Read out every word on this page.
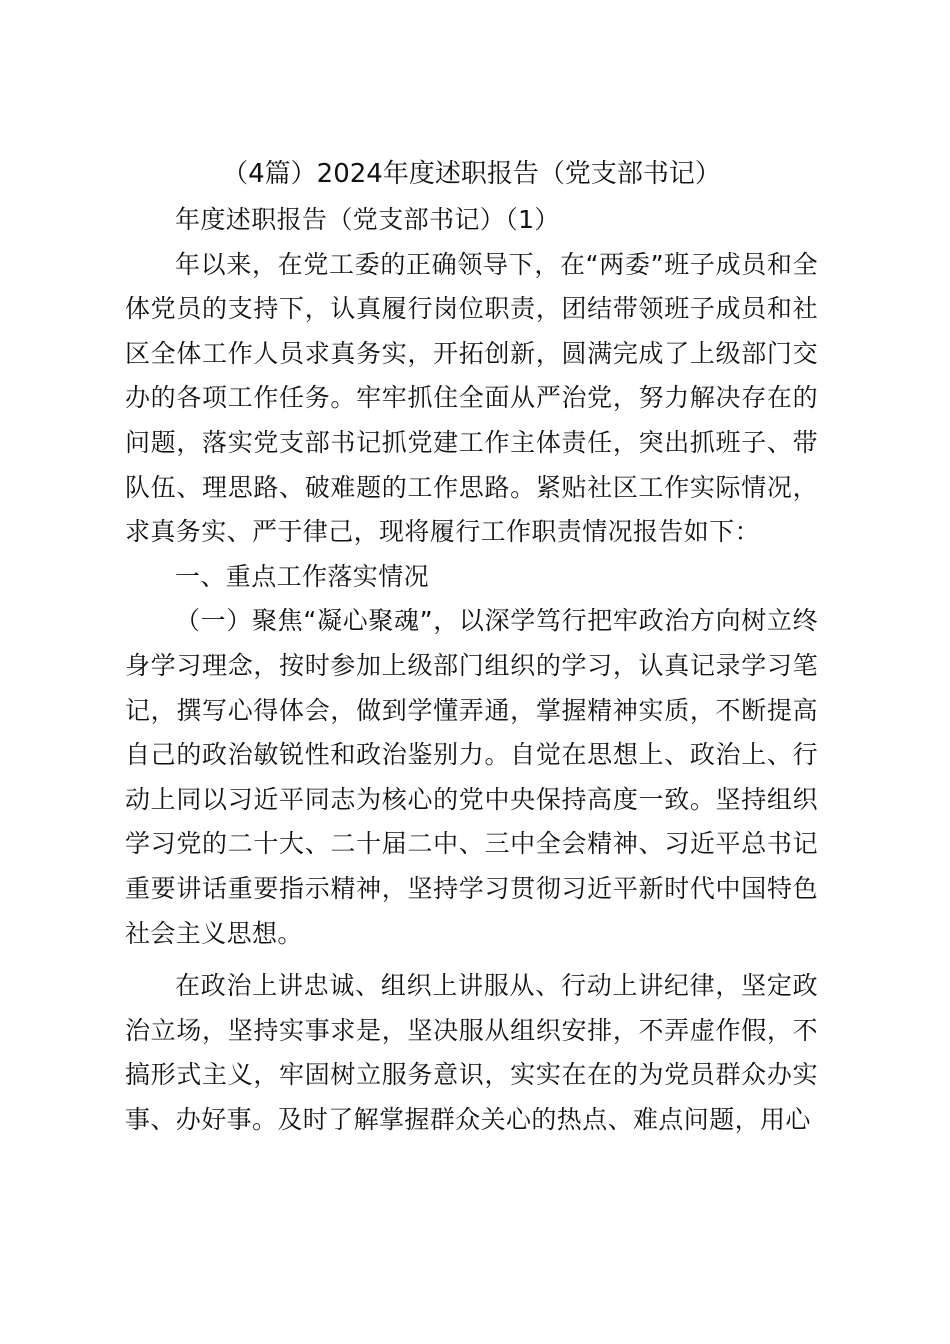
（4篇）2024年度述职报告（党支部书记）

年度述职报告（党支部书记）（1）

年以来，在党工委的正确领导下，在“两委”班子成员和全体党员的支持下，认真履行岗位职责，团结带领班子成员和社区全体工作人员求真务实，开拓创新，圆满完成了上级部门交办的各项工作任务。牢牢抓住全面从严治党，努力解决存在的问题，落实党支部书记抓党建工作主体责任，突出抓班子、带队伍、理思路、破难题的工作思路。紧贴社区工作实际情况，求真务实、严于律己，现将履行工作职责情况报告如下：

一、重点工作落实情况

（一）聚焦“凝心聚魂”，以深学笃行把牢政治方向树立终身学习理念，按时参加上级部门组织的学习，认真记录学习笔记，撰写心得体会，做到学懂弄通，掌握精神实质，不断提高自己的政治敏锐性和政治鉴别力。自觉在思想上、政治上、行动上同以习近平同志为核心的党中央保持高度一致。坚持组织学习党的二十大、二十届二中、三中全会精神、习近平总书记重要讲话重要指示精神，坚持学习贯彻习近平新时代中国特色社会主义思想。

在政治上讲忠诚、组织上讲服从、行动上讲纪律，坚定政治立场，坚持实事求是，坚决服从组织安排，不弄虚作假，不搞形式主义，牢固树立服务意识，实实在在的为党员群众办实事、办好事。及时了解掌握群众关心的热点、难点问题，用心
